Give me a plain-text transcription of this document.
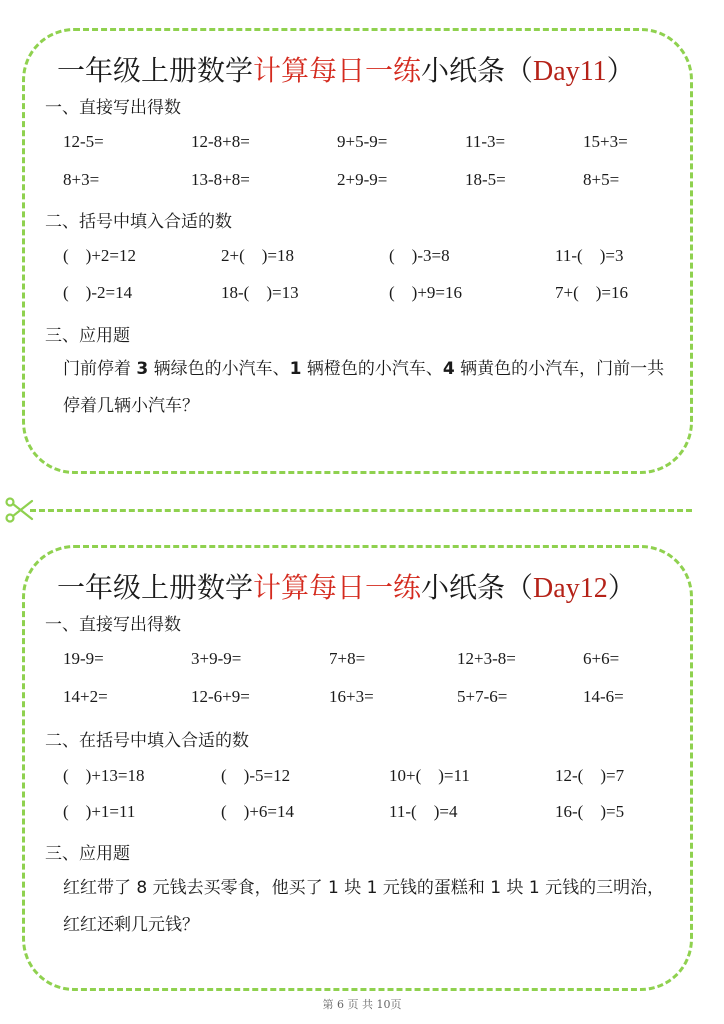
一年级上册数学计算每日一练小纸条（Day11）
一、直接写出得数
12-5=	12-8+8=	9+5-9=	11-3=	15+3=
8+3=	13-8+8=	2+9-9=	18-5=	8+5=
二、括号中填入合适的数
(    )+2=12	2+(    )=18	(    )-3=8	11-(    )=3
(    )-2=14	18-(    )=13	(    )+9=16	7+(    )=16
三、应用题
门前停着 3 辆绿色的小汽车、1 辆橙色的小汽车、4 辆黄色的小汽车，门前一共停着几辆小汽车？
一年级上册数学计算每日一练小纸条（Day12）
一、直接写出得数
19-9=	3+9-9=	7+8=	12+3-8=	6+6=
14+2=	12-6+9=	16+3=	5+7-6=	14-6=
二、在括号中填入合适的数
(    )+13=18	(    )-5=12	10+(    )=11	12-(    )=7
(    )+1=11	(    )+6=14	11-(    )=4	16-(    )=5
三、应用题
红红带了 8 元钱去买零食，他买了 1 块 1 元钱的蛋糕和 1 块 1 元钱的三明治，红红还剩几元钱？
第 6 页 共 10页
